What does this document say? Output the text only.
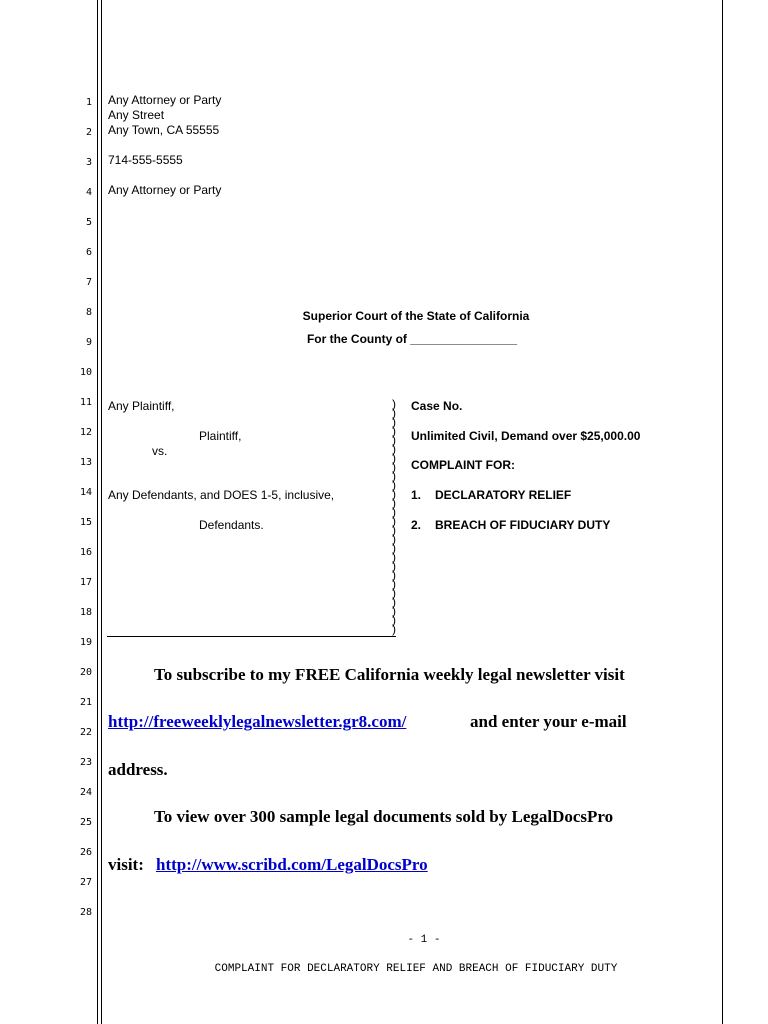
1
2
3
4
5
6
7
8
9
10
11
12
13
14
15
16
17
18
19
20
21
22
23
24
25
26
27
28
Any Attorney or Party
Any Street
Any Town, CA 55555
714-555-5555
Any Attorney or Party
Superior Court of the State of California
For the County of ________________
Any Plaintiff,
Plaintiff,
vs.
Any Defendants, and DOES 1-5, inclusive,
Defendants.
)
)
)
)
)
)
)
)
)
)
)
)
)
)
)
)
)
)
)
)
)
)
)
)
)
)
Case No.
Unlimited Civil, Demand over $25,000.00
COMPLAINT FOR:
1. DECLARATORY RELIEF
2. BREACH OF FIDUCIARY DUTY
To subscribe to my FREE California weekly legal newsletter visit
http://freeweeklylegalnewsletter.gr8.com/	and enter your e-mail
address.
To view over 300 sample legal documents sold by LegalDocsPro
visit: http://www.scribd.com/LegalDocsPro
- 1 -
COMPLAINT FOR DECLARATORY RELIEF AND BREACH OF FIDUCIARY DUTY
